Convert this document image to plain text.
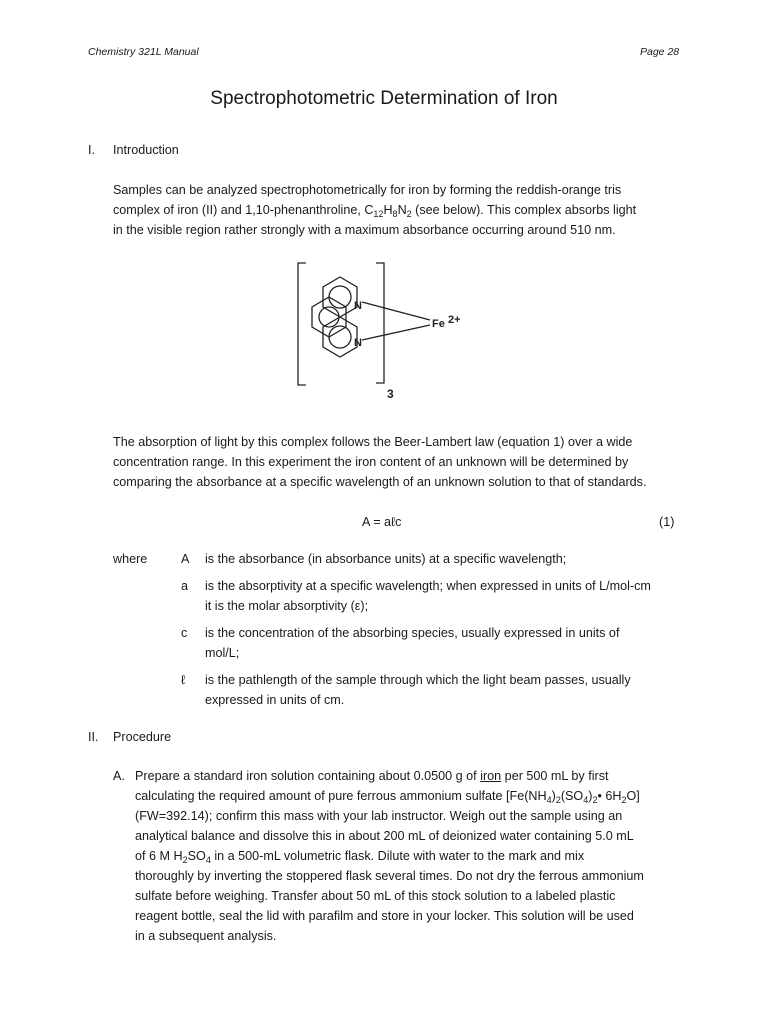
Chemistry 321L Manual	Page 28
Spectrophotometric Determination of Iron
I. Introduction
Samples can be analyzed spectrophotometrically for iron by forming the reddish-orange tris
complex of iron (II) and 1,10-phenanthroline, $C_{12}H_8N_2$ (see below). This complex absorbs light
in the visible region rather strongly with a maximum absorbance occurring around 510 nm.
N
N
Fe 2+
3
The absorption of light by this complex follows the Beer-Lambert law (equation 1) over a wide
concentration range. In this experiment the iron content of an unknown will be determined by
comparing the absorbance at a specific wavelength of an unknown solution to that of standards.
A = aℓc	(1)
where	A is the absorbance (in absorbance units) at a specific wavelength;
a is the absorptivity at a specific wavelength; when expressed in units of L/mol-cm
it is the molar absorptivity (ε);
c is the concentration of the absorbing species, usually expressed in units of
mol/L;
ℓ is the pathlength of the sample through which the light beam passes, usually
expressed in units of cm.
II. Procedure
A. Prepare a standard iron solution containing about 0.0500 g of iron per 500 mL by first
calculating the required amount of pure ferrous ammonium sulfate [$Fe(NH_4)_2(SO_4)_2•$ $6H_2O$]
(FW=392.14); confirm this mass with your lab instructor. Weigh out the sample using an
analytical balance and dissolve this in about 200 mL of deionized water containing 5.0 mL
of 6 M $H_2SO_4$ in a 500-mL volumetric flask. Dilute with water to the mark and mix
thoroughly by inverting the stoppered flask several times. Do not dry the ferrous ammonium
sulfate before weighing. Transfer about 50 mL of this stock solution to a labeled plastic
reagent bottle, seal the lid with parafilm and store in your locker. This solution will be used
in a subsequent analysis.
